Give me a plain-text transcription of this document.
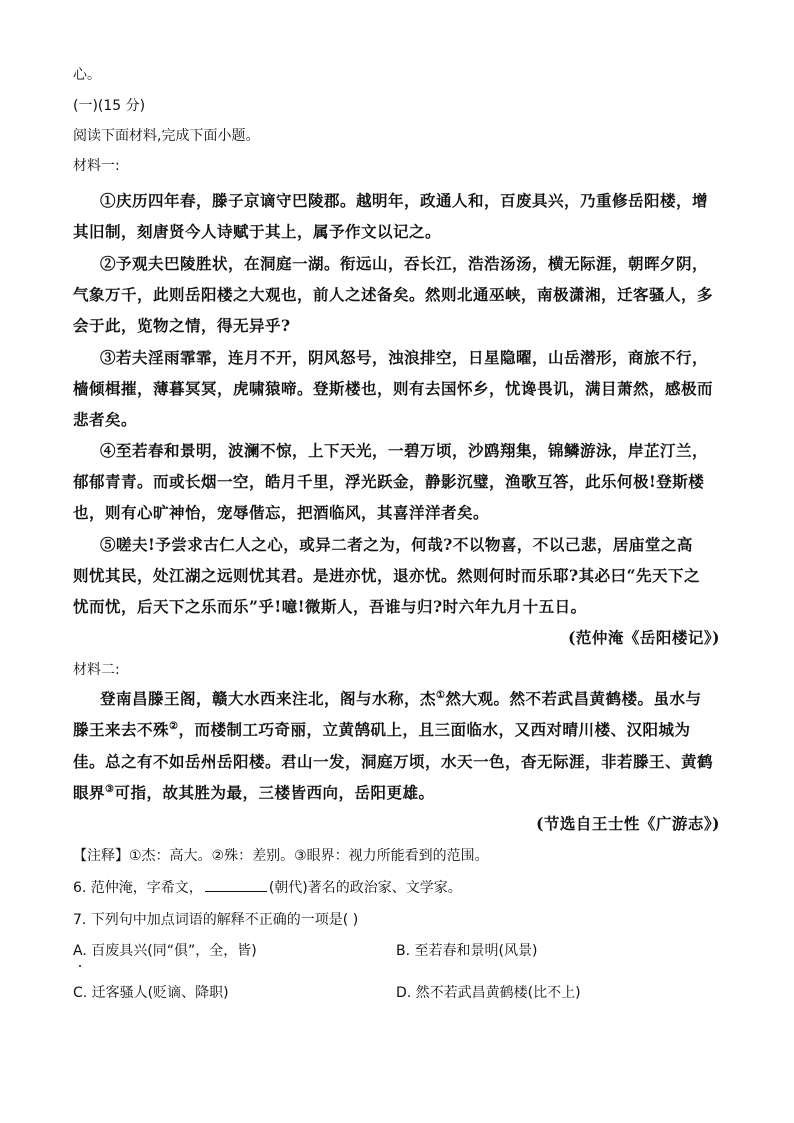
心。
(一)(15 分)
阅读下面材料,完成下面小题。
材料一:
①庆历四年春，滕子京谪守巴陵郡。越明年，政通人和，百废具兴，乃重修岳阳楼，增
其旧制，刻唐贤今人诗赋于其上，属予作文以记之。
②予观夫巴陵胜状，在洞庭一湖。衔远山，吞长江，浩浩汤汤，横无际涯，朝晖夕阴，
气象万千，此则岳阳楼之大观也，前人之述备矣。然则北通巫峡，南极潇湘，迁客骚人，多
会于此，览物之情，得无异乎?
③若夫淫雨霏霏，连月不开，阴风怒号，浊浪排空，日星隐曜，山岳潜形，商旅不行，
樯倾楫摧，薄暮冥冥，虎啸猿啼。登斯楼也，则有去国怀乡，忧谗畏讥，满目萧然，感极而
悲者矣。
④至若春和景明，波澜不惊，上下天光，一碧万顷，沙鸥翔集，锦鳞游泳，岸芷汀兰，
郁郁青青。而或长烟一空，皓月千里，浮光跃金，静影沉璧，渔歌互答，此乐何极!登斯楼
也，则有心旷神怡，宠辱偕忘，把酒临风，其喜洋洋者矣。
⑤嗟夫!予尝求古仁人之心，或异二者之为，何哉?不以物喜，不以己悲，居庙堂之高
则忧其民，处江湖之远则忧其君。是进亦忧，退亦忧。然则何时而乐耶?其必曰“先天下之
忧而忧，后天下之乐而乐”乎!噫!微斯人，吾谁与归?时六年九月十五日。
(范仲淹《岳阳楼记》)
材料二:
登南昌滕王阁，赣大水西来注北，阁与水称，杰①然大观。然不若武昌黄鹤楼。虽水与
滕王来去不殊②，而楼制工巧奇丽，立黄鹄矶上，且三面临水，又西对晴川楼、汉阳城为
佳。总之有不如岳州岳阳楼。君山一发，洞庭万顷，水天一色，杳无际涯，非若滕王、黄鹤
眼界③可指，故其胜为最，三楼皆西向，岳阳更雄。
(节选自王士性《广游志》)
【注释】①杰：高大。②殊：差别。③眼界：视力所能看到的范围。
6. 范仲淹，字希文，	(朝代)著名的政治家、文学家。
7. 下列句中加点词语的解释不正确的一项是( )
A. 百废具兴(同“俱”，全，皆)	B. 至若春和景明(风景)
C. 迁客骚人(贬谪、降职)	D. 然不若武昌黄鹤楼(比不上)
